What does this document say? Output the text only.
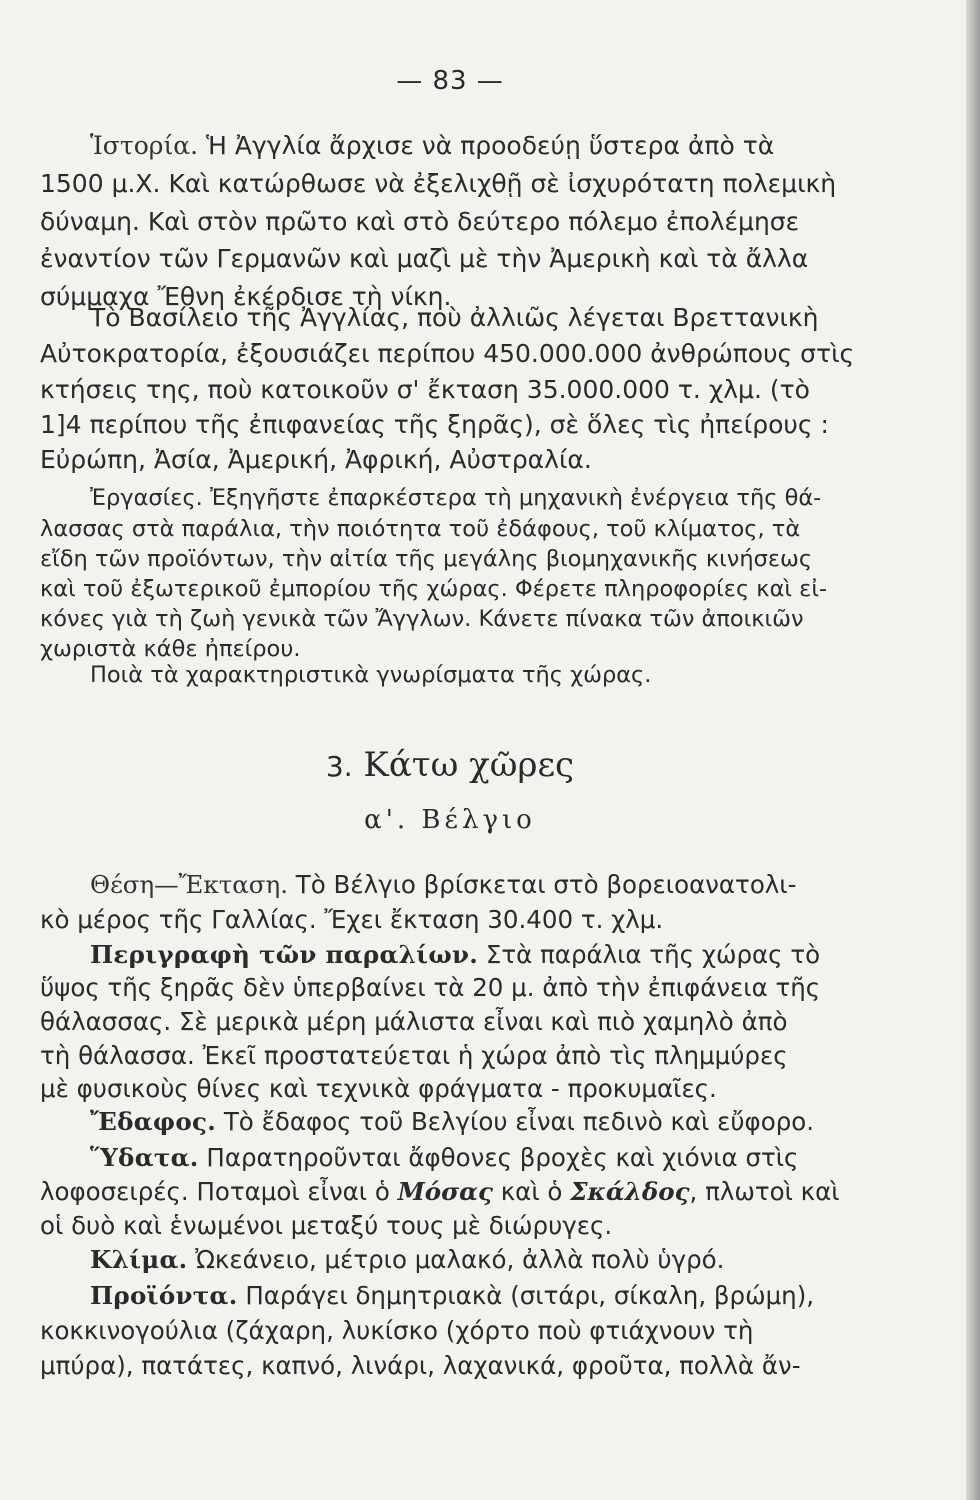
— 83 —
Ἱστορία. Ἡ Ἀγγλία ἄρχισε νὰ προοδεύῃ ὕστερα ἀπὸ τὰ
1500 μ.Χ. Καὶ κατώρθωσε νὰ ἐξελιχθῇ σὲ ἰσχυρότατη πολεμικὴ
δύναμη. Καὶ στὸν πρῶτο καὶ στὸ δεύτερο πόλεμο ἐπολέμησε
ἐναντίον τῶν Γερμανῶν καὶ μαζὶ μὲ τὴν Ἀμερικὴ καὶ τὰ ἄλλα
σύμμαχα Ἔθνη ἐκέρδισε τὴ νίκη.
Τὸ Βασίλειο τῆς Ἀγγλίας, ποὺ ἀλλιῶς λέγεται Βρεττανικὴ
Αὐτοκρατορία, ἐξουσιάζει περίπου 450.000.000 ἀνθρώπους στὶς
κτήσεις της, ποὺ κατοικοῦν σ' ἔκταση 35.000.000 τ. χλμ. (τὸ
1]4 περίπου τῆς ἐπιφανείας τῆς ξηρᾶς), σὲ ὅλες τὶς ἠπείρους :
Εὐρώπη, Ἀσία, Ἀμερική, Ἀφρική, Αὐστραλία.
Ἐργασίες. Ἐξηγῆστε ἐπαρκέστερα τὴ μηχανικὴ ἐνέργεια τῆς θά-
λασσας στὰ παράλια, τὴν ποιότητα τοῦ ἐδάφους, τοῦ κλίματος, τὰ
εἴδη τῶν προϊόντων, τὴν αἰτία τῆς μεγάλης βιομηχανικῆς κινήσεως
καὶ τοῦ ἐξωτερικοῦ ἐμπορίου τῆς χώρας. Φέρετε πληροφορίες καὶ εἰ-
κόνες γιὰ τὴ ζωὴ γενικὰ τῶν Ἄγγλων. Κάνετε πίνακα τῶν ἀποικιῶν
χωριστὰ κάθε ἠπείρου.
Ποιὰ τὰ χαρακτηριστικὰ γνωρίσματα τῆς χώρας.
3. Κάτω χῶρες
α'. Βέλγιο
Θέση—Ἔκταση. Τὸ Βέλγιο βρίσκεται στὸ βορειοανατολι-
κὸ μέρος τῆς Γαλλίας. Ἔχει ἔκταση 30.400 τ. χλμ.
Περιγραφὴ τῶν παραλίων. Στὰ παράλια τῆς χώρας τὸ
ὕψος τῆς ξηρᾶς δὲν ὑπερβαίνει τὰ 20 μ. ἀπὸ τὴν ἐπιφάνεια τῆς
θάλασσας. Σὲ μερικὰ μέρη μάλιστα εἶναι καὶ πιὸ χαμηλὸ ἀπὸ
τὴ θάλασσα. Ἐκεῖ προστατεύεται ἡ χώρα ἀπὸ τὶς πλημμύρες
μὲ φυσικοὺς θίνες καὶ τεχνικὰ φράγματα - προκυμαῖες.
Ἔδαφος. Τὸ ἔδαφος τοῦ Βελγίου εἶναι πεδινὸ καὶ εὔφορο.
Ὕδατα. Παρατηροῦνται ἄφθονες βροχὲς καὶ χιόνια στὶς
λοφοσειρές. Ποταμοὶ εἶναι ὁ Μόσας καὶ ὁ Σκάλδος, πλωτοὶ καὶ
οἱ δυὸ καὶ ἑνωμένοι μεταξύ τους μὲ διώρυγες.
Κλίμα. Ὠκεάνειο, μέτριο μαλακό, ἀλλὰ πολὺ ὑγρό.
Προϊόντα. Παράγει δημητριακὰ (σιτάρι, σίκαλη, βρώμη),
κοκκινογούλια (ζάχαρη, λυκίσκο (χόρτο ποὺ φτιάχνουν τὴ
μπύρα), πατάτες, καπνό, λινάρι, λαχανικά, φροῦτα, πολλὰ ἄν-
